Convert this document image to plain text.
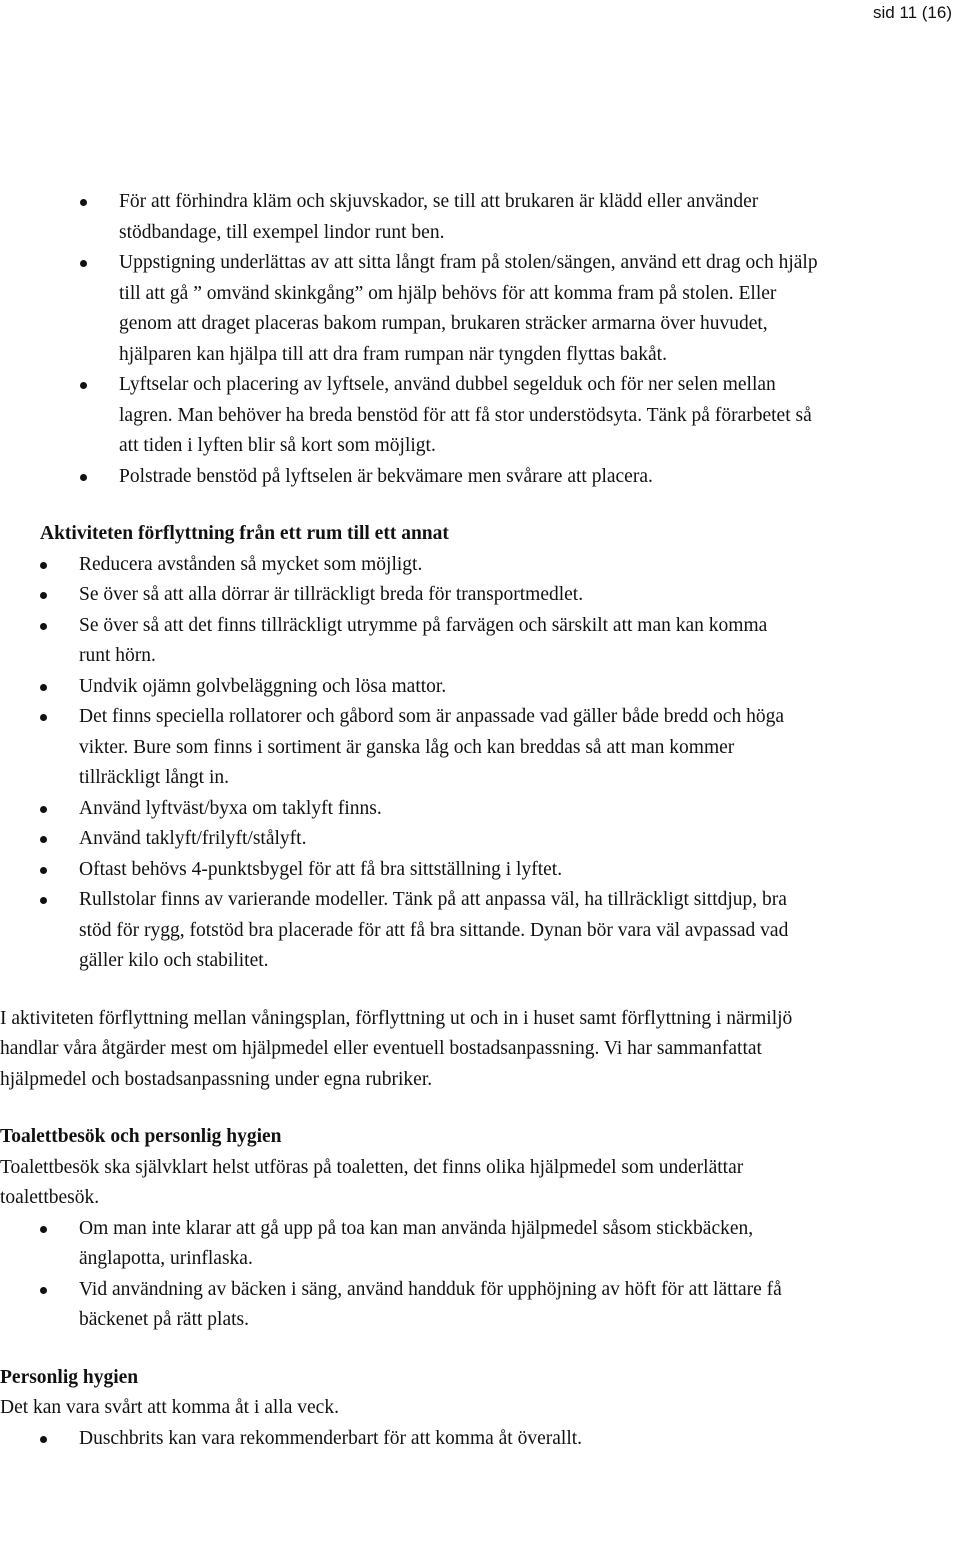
sid 11 (16)
För att förhindra kläm och skjuvskador, se till att brukaren är klädd eller använder stödbandage, till exempel lindor runt ben.
Uppstigning underlättas av att sitta långt fram på stolen/sängen, använd ett drag och hjälp till att gå ” omvänd skinkgång” om hjälp behövs för att komma fram på stolen. Eller genom att draget placeras bakom rumpan, brukaren sträcker armarna över huvudet, hjälparen kan hjälpa till att dra fram rumpan när tyngden flyttas bakåt.
Lyftselar och placering av lyftsele, använd dubbel segelduk och för ner selen mellan lagren. Man behöver ha breda benstöd för att få stor understödsyta. Tänk på förarbetet så att tiden i lyften blir så kort som möjligt.
Polstrade benstöd på lyftselen är bekvämare men svårare att placera.
Aktiviteten förflyttning från ett rum till ett annat
Reducera avstånden så mycket som möjligt.
Se över så att alla dörrar är tillräckligt breda för transportmedlet.
Se över så att det finns tillräckligt utrymme på farvägen och särskilt att man kan komma runt hörn.
Undvik ojämn golvbeläggning och lösa mattor.
Det finns speciella rollatorer och gåbord som är anpassade vad gäller både bredd och höga vikter. Bure som finns i sortiment är ganska låg och kan breddas så att man kommer tillräckligt långt in.
Använd lyftväst/byxa om taklyft finns.
Använd taklyft/frilyft/stålyft.
Oftast behövs 4-punktsbygel för att få bra sittställning i lyftet.
Rullstolar finns av varierande modeller. Tänk på att anpassa väl, ha tillräckligt sittdjup, bra stöd för rygg, fotstöd bra placerade för att få bra sittande. Dynan bör vara väl avpassad vad gäller kilo och stabilitet.

I aktiviteten förflyttning mellan våningsplan, förflyttning ut och in i huset samt förflyttning i närmiljö handlar våra åtgärder mest om hjälpmedel eller eventuell bostadsanpassning. Vi har sammanfattat hjälpmedel och bostadsanpassning under egna rubriker.

Toalettbesök och personlig hygien

Toalettbesök ska självklart helst utföras på toaletten, det finns olika hjälpmedel som underlättar toalettbesök.

Om man inte klarar att gå upp på toa kan man använda hjälpmedel såsom stickbäcken, änglapotta, urinflaska.
Vid användning av bäcken i säng, använd handduk för upphöjning av höft för att lättare få bäckenet på rätt plats.
Personlig hygien

Det kan vara svårt att komma åt i alla veck.

Duschbrits kan vara rekommenderbart för att komma åt överallt.
